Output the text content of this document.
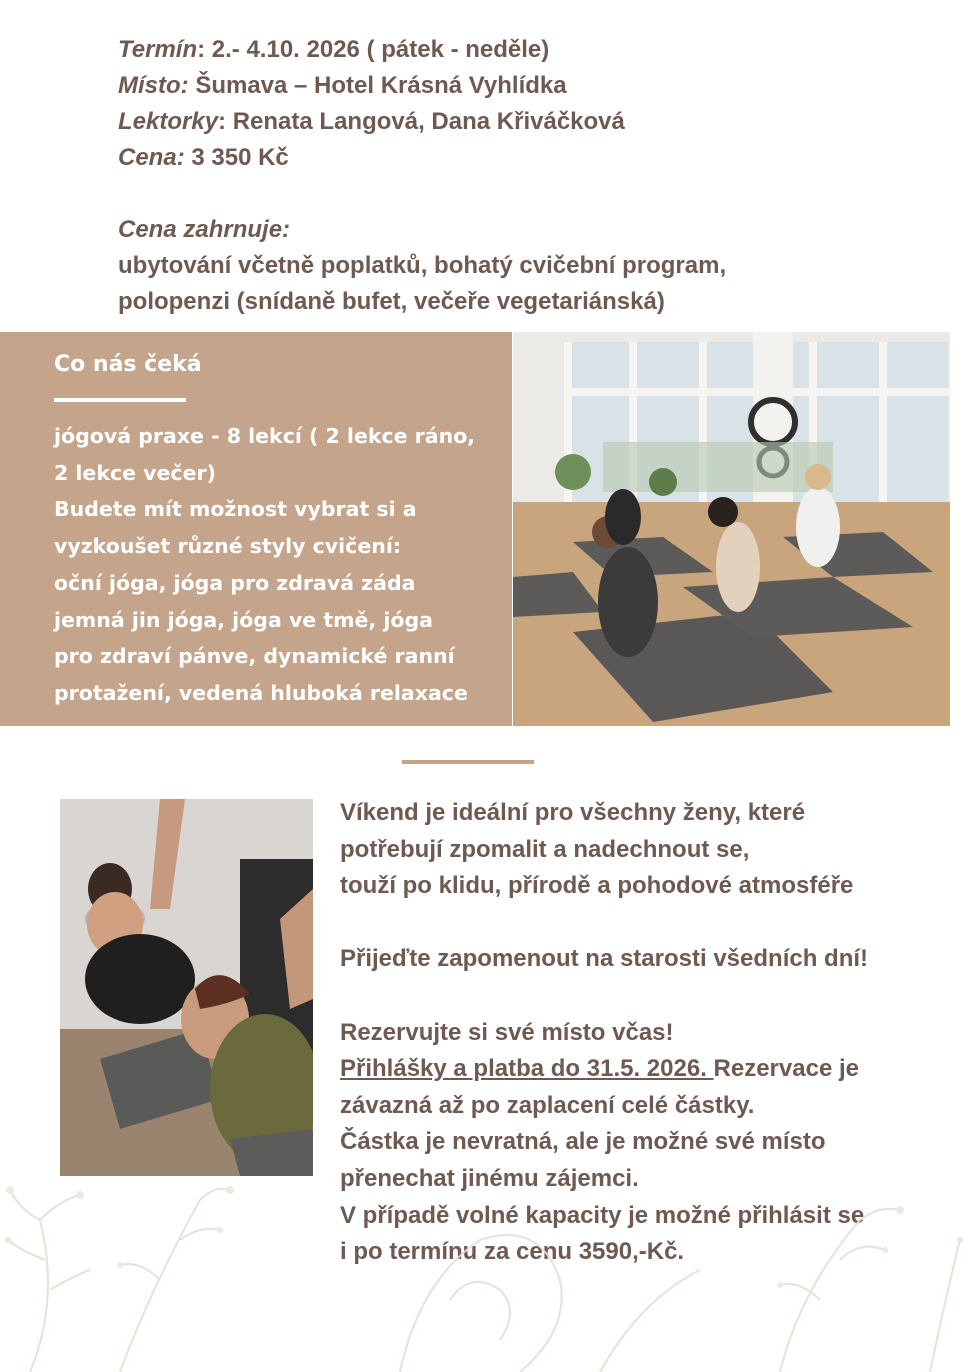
Termín: 2.- 4.10. 2026 ( pátek - neděle)
Místo: Šumava – Hotel Krásná Vyhlídka
Lektorky: Renata Langová, Dana Křiváčková
Cena: 3 350 Kč
Cena zahrnuje:
ubytování včetně poplatků, bohatý cvičební program,
polopenzi (snídaně bufet, večeře vegetariánská)
Co nás čeká
jógová praxe - 8 lekcí ( 2 lekce ráno,
2 lekce večer)
Budete mít možnost vybrat si a
vyzkoušet různé styly cvičení:
oční jóga, jóga pro zdravá záda
jemná jin jóga, jóga ve tmě, jóga
pro zdraví pánve, dynamické ranní
protažení, vedená hluboká relaxace
Víkend je ideální pro všechny ženy, které
potřebují zpomalit a nadechnout se,
touží po klidu, přírodě a pohodové atmosféře
Přijeďte zapomenout na starosti všedních dní!
Rezervujte si své místo včas!
Přihlášky a platba do 31.5. 2026. Rezervace je
závazná až po zaplacení celé částky.
Částka je nevratná, ale je možné své místo
přenechat jinému zájemci.
V případě volné kapacity je možné přihlásit se
i po termínu za cenu 3590,-Kč.
